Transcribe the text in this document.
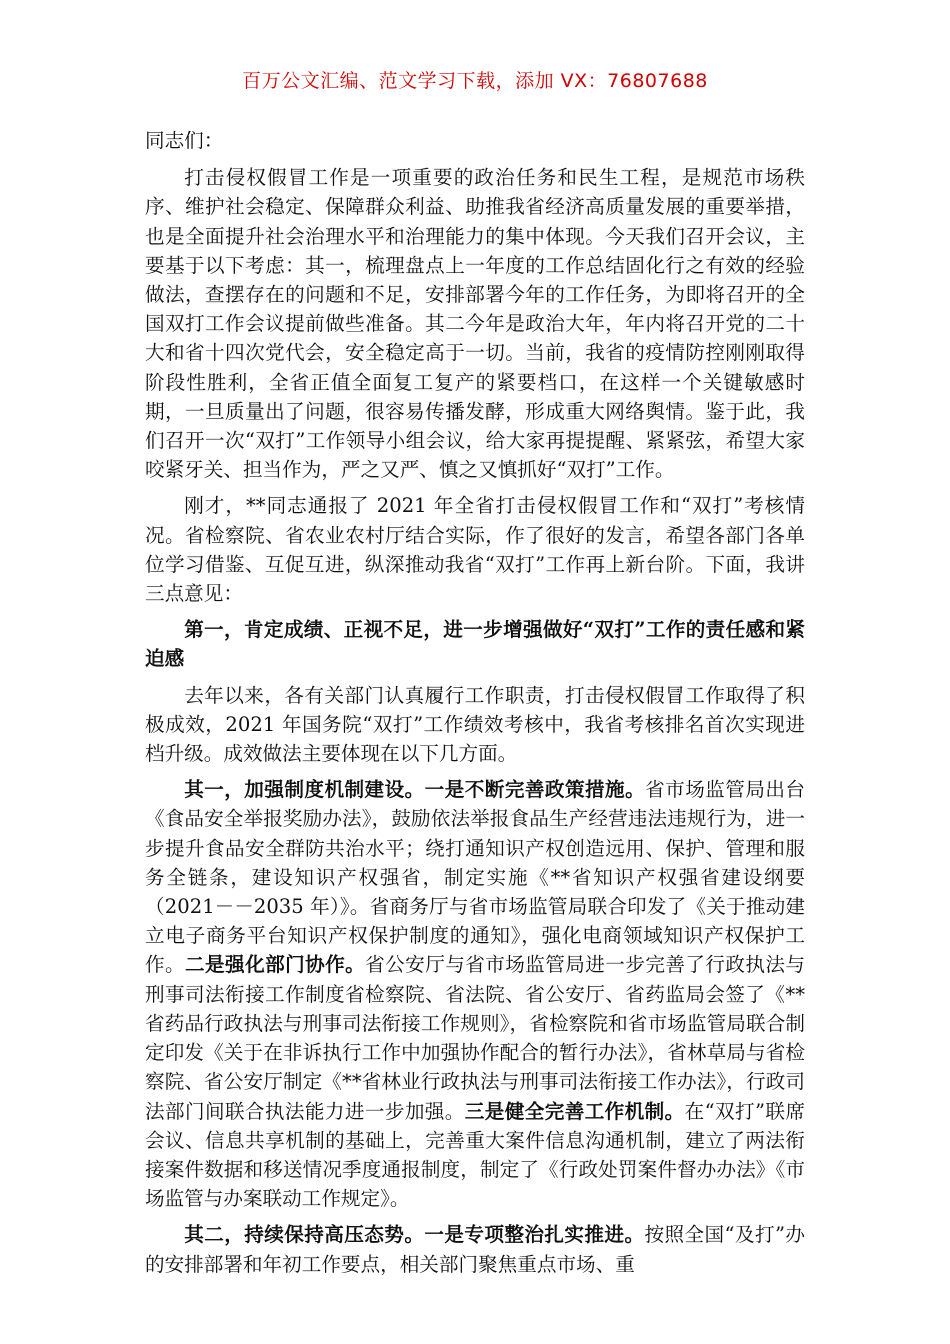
百万公文汇编、范文学习下载，添加 VX：76807688

同志们：

打击侵权假冒工作是一项重要的政治任务和民生工程，是规范市场秩序、维护社会稳定、保障群众利益、助推我省经济高质量发展的重要举措，也是全面提升社会治理水平和治理能力的集中体现。今天我们召开会议，主要基于以下考虑：其一，梳理盘点上一年度的工作总结固化行之有效的经验做法，查摆存在的问题和不足，安排部署今年的工作任务，为即将召开的全国双打工作会议提前做些准备。其二今年是政治大年，年内将召开党的二十大和省十四次党代会，安全稳定高于一切。当前，我省的疫情防控刚刚取得阶段性胜利，全省正值全面复工复产的紧要档口，在这样一个关键敏感时期，一旦质量出了问题，很容易传播发酵，形成重大网络舆情。鉴于此，我们召开一次“双打”工作领导小组会议，给大家再提提醒、紧紧弦，希望大家咬紧牙关、担当作为，严之又严、慎之又慎抓好“双打”工作。

刚才，**同志通报了 2021 年全省打击侵权假冒工作和“双打”考核情况。省检察院、省农业农村厅结合实际，作了很好的发言，希望各部门各单位学习借鉴、互促互进，纵深推动我省“双打”工作再上新台阶。下面，我讲三点意见：

第一，肯定成绩、正视不足，进一步增强做好“双打”工作的责任感和紧迫感

去年以来，各有关部门认真履行工作职责，打击侵权假冒工作取得了积极成效，2021 年国务院“双打”工作绩效考核中，我省考核排名首次实现进档升级。成效做法主要体现在以下几方面。

其一，加强制度机制建设。一是不断完善政策措施。省市场监管局出台《食品安全举报奖励办法》，鼓励依法举报食品生产经营违法违规行为，进一步提升食品安全群防共治水平；绕打通知识产权创造远用、保护、管理和服务全链条，建设知识产权强省，制定实施《**省知识产权强省建设纲要（2021－－2035 年）》。省商务厅与省市场监管局联合印发了《关于推动建立电子商务平台知识产权保护制度的通知》，强化电商领域知识产权保护工作。二是强化部门协作。省公安厅与省市场监管局进一步完善了行政执法与刑事司法衔接工作制度省检察院、省法院、省公安厅、省药监局会签了《**省药品行政执法与刑事司法衔接工作规则》，省检察院和省市场监管局联合制定印发《关于在非诉执行工作中加强协作配合的暂行办法》，省林草局与省检察院、省公安厅制定《**省林业行政执法与刑事司法衔接工作办法》，行政司法部门间联合执法能力进一步加强。三是健全完善工作机制。在“双打”联席会议、信息共享机制的基础上，完善重大案件信息沟通机制，建立了两法衔接案件数据和移送情况季度通报制度，制定了《行政处罚案件督办办法》《市场监管与办案联动工作规定》。

其二，持续保持高压态势。一是专项整治扎实推进。按照全国“及打”办的安排部署和年初工作要点，相关部门聚焦重点市场、重
